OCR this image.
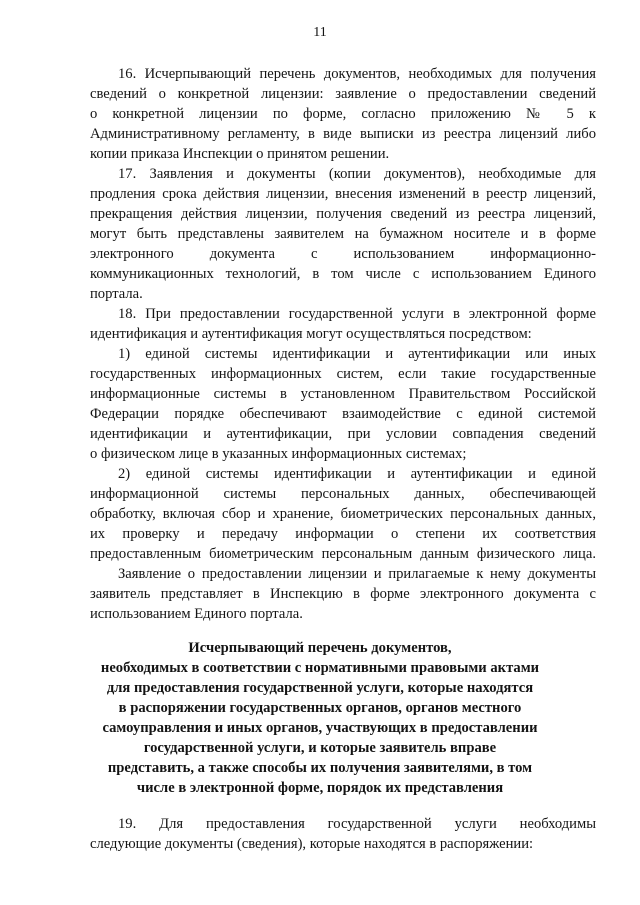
11
16. Исчерпывающий перечень документов, необходимых для получения
сведений о конкретной лицензии: заявление о предоставлении сведений
о конкретной лицензии по форме, согласно приложению № 5 к
Административному регламенту, в виде выписки из реестра лицензий либо
копии приказа Инспекции о принятом решении.
17. Заявления и документы (копии документов), необходимые для
продления срока действия лицензии, внесения изменений в реестр лицензий,
прекращения действия лицензии, получения сведений из реестра лицензий,
могут быть представлены заявителем на бумажном носителе и в форме
электронного документа с использованием информационно-
коммуникационных технологий, в том числе с использованием Единого
портала.
18. При предоставлении государственной услуги в электронной форме
идентификация и аутентификация могут осуществляться посредством:
1) единой системы идентификации и аутентификации или иных
государственных информационных систем, если такие государственные
информационные системы в установленном Правительством Российской
Федерации порядке обеспечивают взаимодействие с единой системой
идентификации и аутентификации, при условии совпадения сведений
о физическом лице в указанных информационных системах;
2) единой системы идентификации и аутентификации и единой
информационной системы персональных данных, обеспечивающей
обработку, включая сбор и хранение, биометрических персональных данных,
их проверку и передачу информации о степени их соответствия
предоставленным биометрическим персональным данным физического лица.
Заявление о предоставлении лицензии и прилагаемые к нему документы
заявитель представляет в Инспекцию в форме электронного документа с
использованием Единого портала.
Исчерпывающий перечень документов,
необходимых в соответствии с нормативными правовыми актами
для предоставления государственной услуги, которые находятся
в распоряжении государственных органов, органов местного
самоуправления и иных органов, участвующих в предоставлении
государственной услуги, и которые заявитель вправе
представить, а также способы их получения заявителями, в том
числе в электронной форме, порядок их представления
19. Для предоставления государственной услуги необходимы
следующие документы (сведения), которые находятся в распоряжении:
